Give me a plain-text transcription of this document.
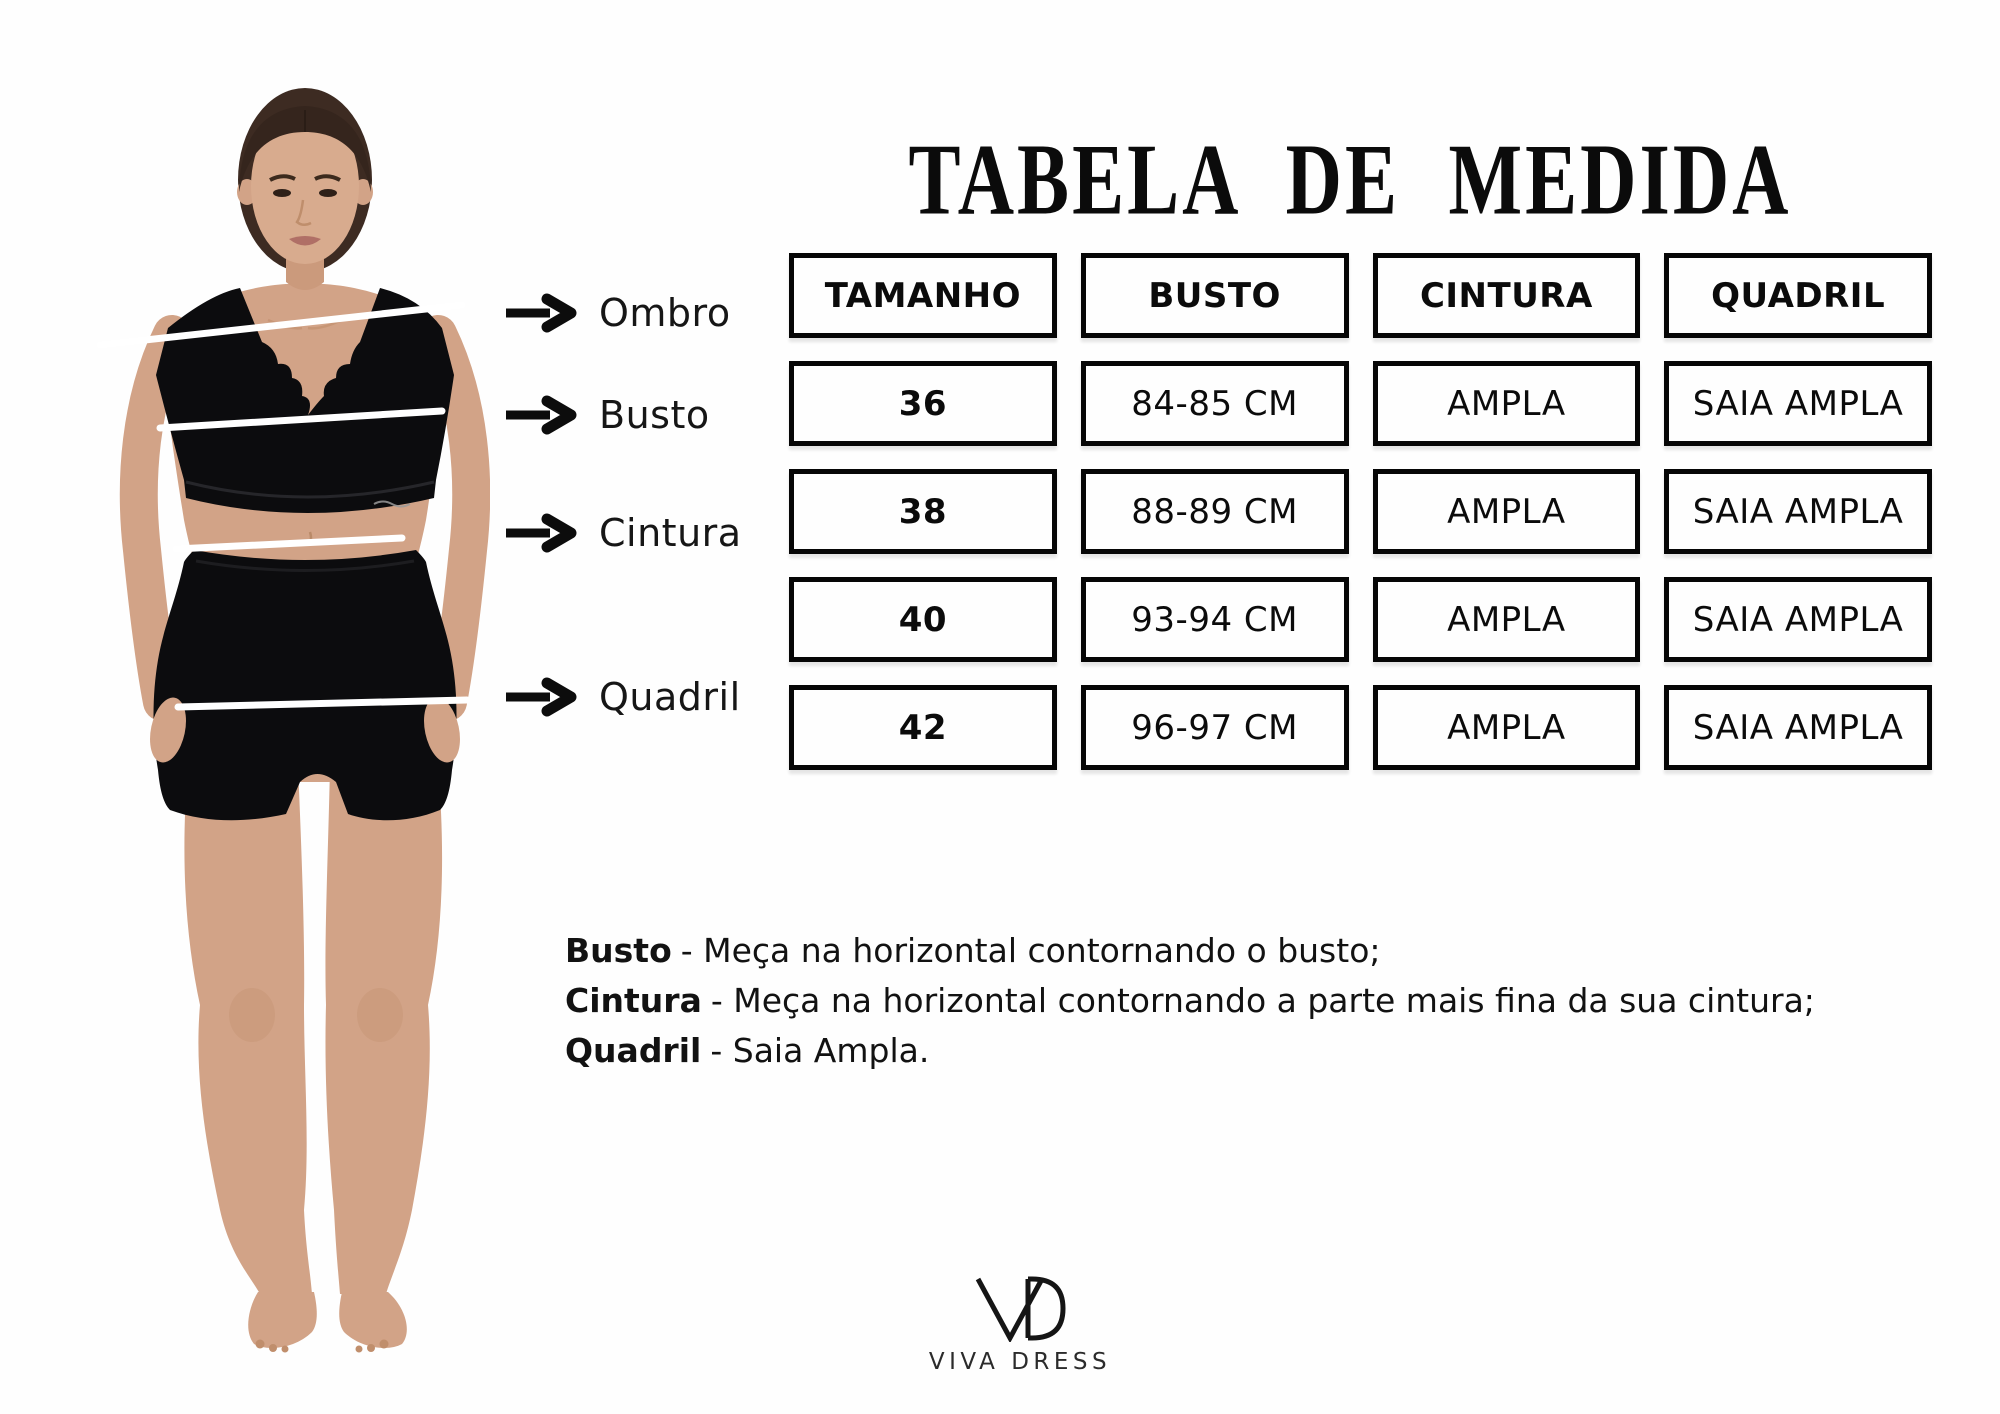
Ombro
Busto
Cintura
Quadril
TABELA DE MEDIDA
TAMANHO	BUSTO	CINTURA	QUADRIL
36	84-85 CM	AMPLA	SAIA AMPLA
38	88-89 CM	AMPLA	SAIA AMPLA
40	93-94 CM	AMPLA	SAIA AMPLA
42	96-97 CM	AMPLA	SAIA AMPLA
Busto - Meça na horizontal contornando o busto;
Cintura - Meça na horizontal contornando a parte mais fina da sua cintura;
Quadril - Saia Ampla.
VIVA DRESS
